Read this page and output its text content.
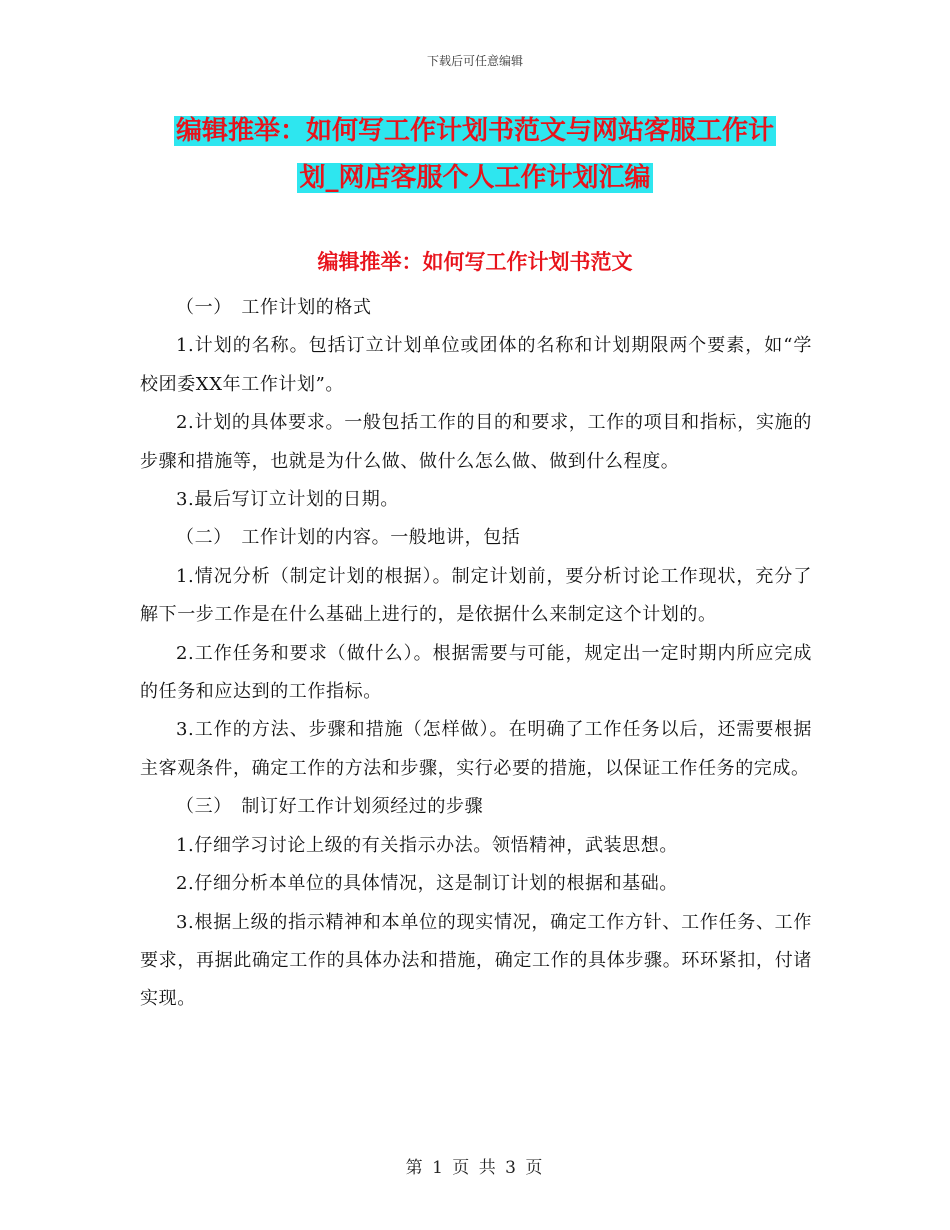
下载后可任意编辑
编辑推举：如何写工作计划书范文与网站客服工作计
划_网店客服个人工作计划汇编
编辑推举：如何写工作计划书范文

（一）　工作计划的格式

1.计划的名称。包括订立计划单位或团体的名称和计划期限两个要素，如“学校团委XX年工作计划”。

2.计划的具体要求。一般包括工作的目的和要求，工作的项目和指标，实施的步骤和措施等，也就是为什么做、做什么怎么做、做到什么程度。

3.最后写订立计划的日期。

（二）　工作计划的内容。一般地讲，包括

1.情况分析（制定计划的根据）。制定计划前，要分析讨论工作现状，充分了解下一步工作是在什么基础上进行的，是依据什么来制定这个计划的。

2.工作任务和要求（做什么）。根据需要与可能，规定出一定时期内所应完成的任务和应达到的工作指标。

3.工作的方法、步骤和措施（怎样做）。在明确了工作任务以后，还需要根据主客观条件，确定工作的方法和步骤，实行必要的措施，以保证工作任务的完成。

（三）　制订好工作计划须经过的步骤

1.仔细学习讨论上级的有关指示办法。领悟精神，武装思想。

2.仔细分析本单位的具体情况，这是制订计划的根据和基础。

3.根据上级的指示精神和本单位的现实情况，确定工作方针、工作任务、工作要求，再据此确定工作的具体办法和措施，确定工作的具体步骤。环环紧扣，付诸实现。

第 1 页 共 3 页
